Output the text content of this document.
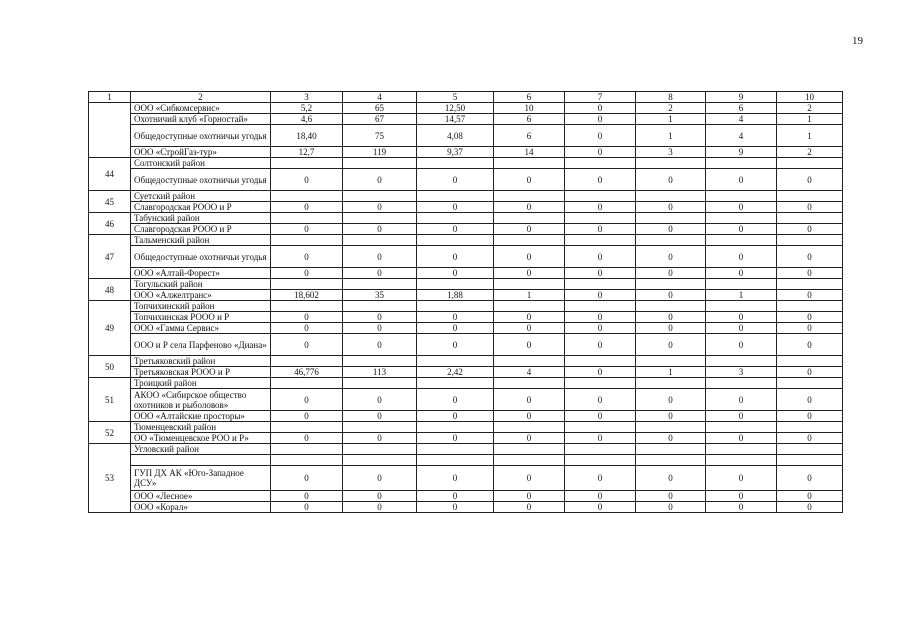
19
1	2	3	4	5	6	7	8	9	10
	ООО «Сибкомсервис»	5,2	65	12,50	10	0	2	6	2
	Охотничий клуб «Горностай»	4,6	67	14,57	6	0	1	4	1
	Общедоступные охотничьи угодья	18,40	75	4,08	6	0	1	4	1
	ООО «СтройГаз-тур»	12,7	119	9,37	14	0	3	9	2
44	Солтонский район								
	Общедоступные охотничьи угодья	0	0	0	0	0	0	0	0
45	Суетский район								
	Славгородская РООО и Р	0	0	0	0	0	0	0	0
46	Табунский район								
	Славгородская РООО и Р	0	0	0	0	0	0	0	0
47	Тальменский район								
	Общедоступные охотничьи угодья	0	0	0	0	0	0	0	0
	ООО «Алтай-Форест»	0	0	0	0	0	0	0	0
48	Тогульский район								
	ООО «Алжелтранс»	18,602	35	1,88	1	0	0	1	0
49	Топчихинский район								
	Топчихинская РООО и Р	0	0	0	0	0	0	0	0
	ООО «Гамма Сервис»	0	0	0	0	0	0	0	0
	ООО и Р села Парфеново «Диана»	0	0	0	0	0	0	0	0
50	Третьяковский район								
	Третьяковская РООО и Р	46,776	113	2,42	4	0	1	3	0
51	Троицкий район								
	АКОО «Сибирское общество охотников и рыболовов»	0	0	0	0	0	0	0	0
	ООО «Алтайские просторы»	0	0	0	0	0	0	0	0
52	Тюменцевский район								
	ОО «Тюменцевское РОО и Р»	0	0	0	0	0	0	0	0
53	Угловский район								

	ГУП ДХ АК «Юго-Западное ДСУ»	0	0	0	0	0	0	0	0
	ООО «Лесное»	0	0	0	0	0	0	0	0
	ООО «Корал»	0	0	0	0	0	0	0	0
